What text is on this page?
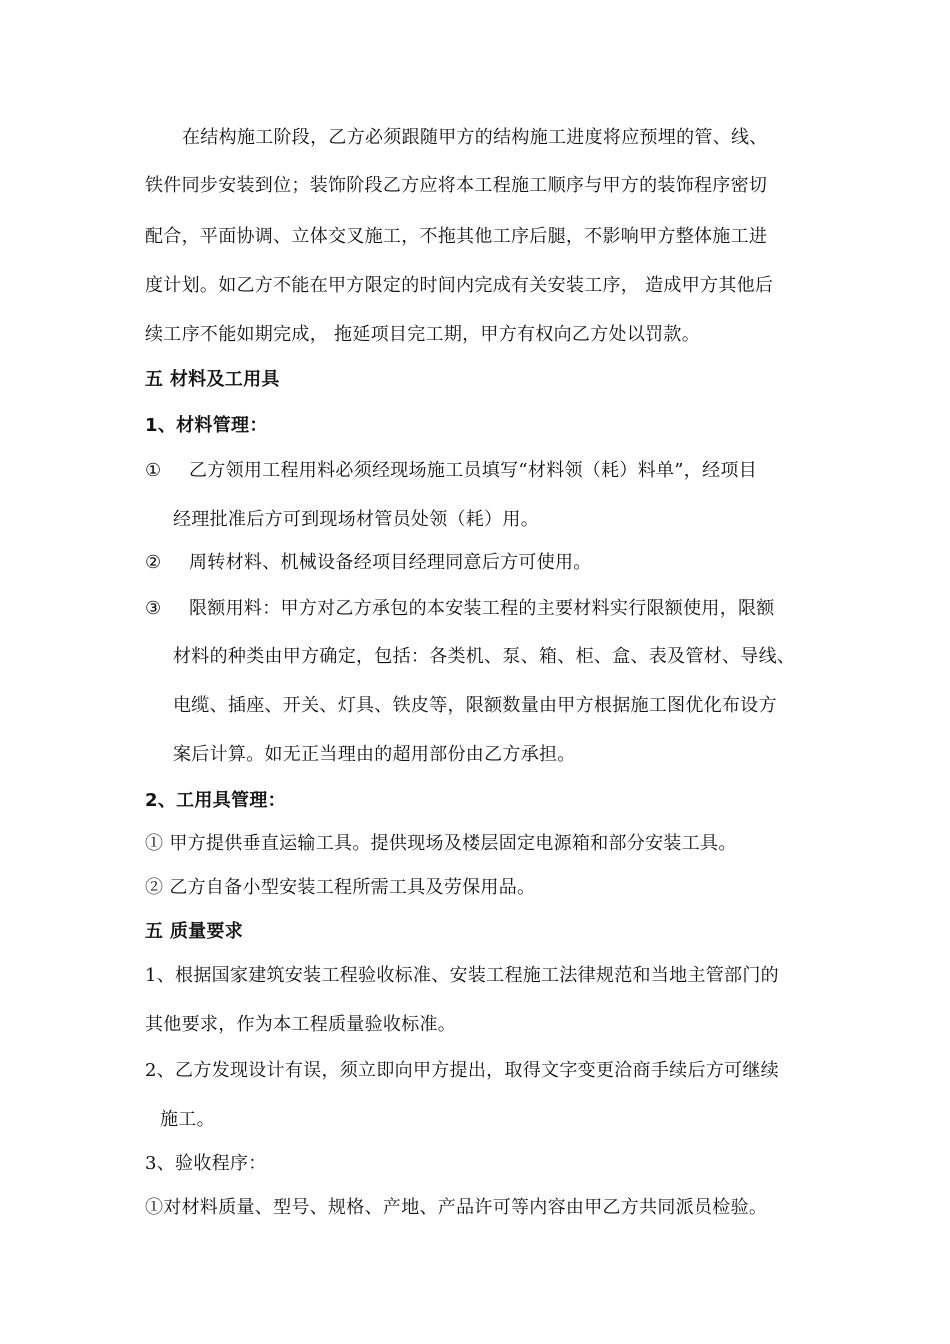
在结构施工阶段，乙方必须跟随甲方的结构施工进度将应预埋的管、线、
铁件同步安装到位；装饰阶段乙方应将本工程施工顺序与甲方的装饰程序密切
配合，平面协调、立体交叉施工，不拖其他工序后腿，不影响甲方整体施工进
度计划。如乙方不能在甲方限定的时间内完成有关安装工序， 造成甲方其他后
续工序不能如期完成， 拖延项目完工期，甲方有权向乙方处以罚款。
五 材料及工用具
1、材料管理：
① 乙方领用工程用料必须经现场施工员填写“材料领（耗）料单”，经项目
经理批准后方可到现场材管员处领（耗）用。
② 周转材料、机械设备经项目经理同意后方可使用。
③ 限额用料：甲方对乙方承包的本安装工程的主要材料实行限额使用，限额
材料的种类由甲方确定，包括：各类机、泵、箱、柜、盒、表及管材、导线、
电缆、插座、开关、灯具、铁皮等，限额数量由甲方根据施工图优化布设方
案后计算。如无正当理由的超用部份由乙方承担。
2、工用具管理：
① 甲方提供垂直运输工具。提供现场及楼层固定电源箱和部分安装工具。
② 乙方自备小型安装工程所需工具及劳保用品。
五 质量要求
1、根据国家建筑安装工程验收标准、安装工程施工法律规范和当地主管部门的
其他要求，作为本工程质量验收标准。
2、乙方发现设计有误，须立即向甲方提出，取得文字变更洽商手续后方可继续
施工。
3、验收程序：
①对材料质量、型号、规格、产地、产品许可等内容由甲乙方共同派员检验。
